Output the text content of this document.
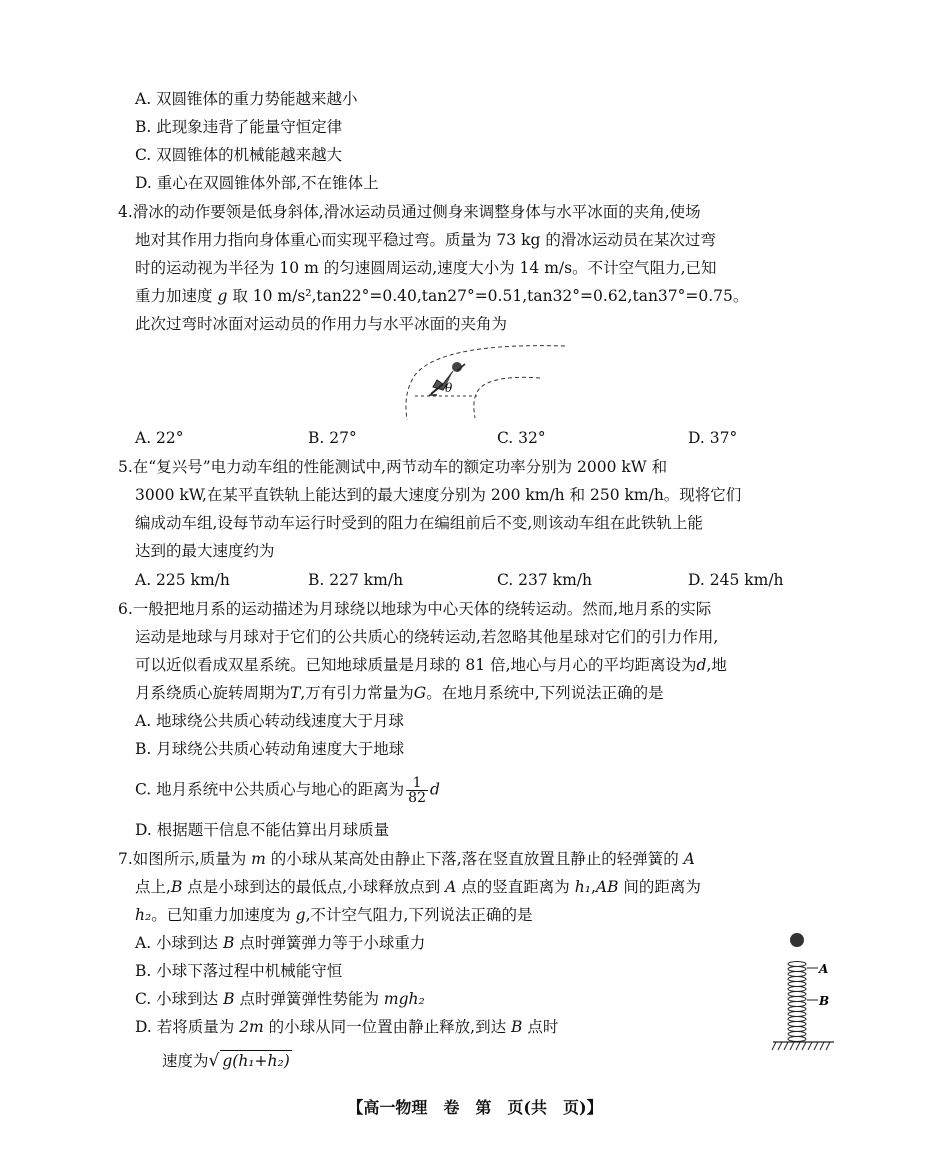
A. 双圆锥体的重力势能越来越小
B. 此现象违背了能量守恒定律
C. 双圆锥体的机械能越来越大
D. 重心在双圆锥体外部,不在锥体上
4.滑冰的动作要领是低身斜体,滑冰运动员通过侧身来调整身体与水平冰面的夹角,使场
地对其作用力指向身体重心而实现平稳过弯。质量为 73 kg 的滑冰运动员在某次过弯
时的运动视为半径为 10 m 的匀速圆周运动,速度大小为 14 m/s。不计空气阻力,已知
重力加速度 g 取 10 m/s²,tan22°=0.40,tan27°=0.51,tan32°=0.62,tan37°=0.75。
此次过弯时冰面对运动员的作用力与水平冰面的夹角为
θ
A. 22°	B. 27°	C. 32°	D. 37°
5.在“复兴号”电力动车组的性能测试中,两节动车的额定功率分别为 2000 kW 和
3000 kW,在某平直铁轨上能达到的最大速度分别为 200 km/h 和 250 km/h。现将它们
编成动车组,设每节动车运行时受到的阻力在编组前后不变,则该动车组在此铁轨上能
达到的最大速度约为
A. 225 km/h	B. 227 km/h	C. 237 km/h	D. 245 km/h
6.一般把地月系的运动描述为月球绕以地球为中心天体的绕转运动。然而,地月系的实际
运动是地球与月球对于它们的公共质心的绕转运动,若忽略其他星球对它们的引力作用,
可以近似看成双星系统。已知地球质量是月球的 81 倍,地心与月心的平均距离设为d,地
月系绕质心旋转周期为T,万有引力常量为G。在地月系统中,下列说法正确的是
A. 地球绕公共质心转动线速度大于月球
B. 月球绕公共质心转动角速度大于地球
C. 地月系统中公共质心与地心的距离为 $\frac{1}{82}$ d
D. 根据题干信息不能估算出月球质量
7.如图所示,质量为 m 的小球从某高处由静止下落,落在竖直放置且静止的轻弹簧的 A
点上,B 点是小球到达的最低点,小球释放点到 A 点的竖直距离为 h₁,AB 间的距离为
h₂。已知重力加速度为 g,不计空气阻力,下列说法正确的是
A. 小球到达 B 点时弹簧弹力等于小球重力
B. 小球下落过程中机械能守恒
C. 小球到达 B 点时弹簧弹性势能为 mgh₂
D. 若将质量为 2m 的小球从同一位置由静止释放,到达 B 点时
速度为√ g(h₁+h₂)
A
B
【高一物理　卷　第　页(共　页)】
